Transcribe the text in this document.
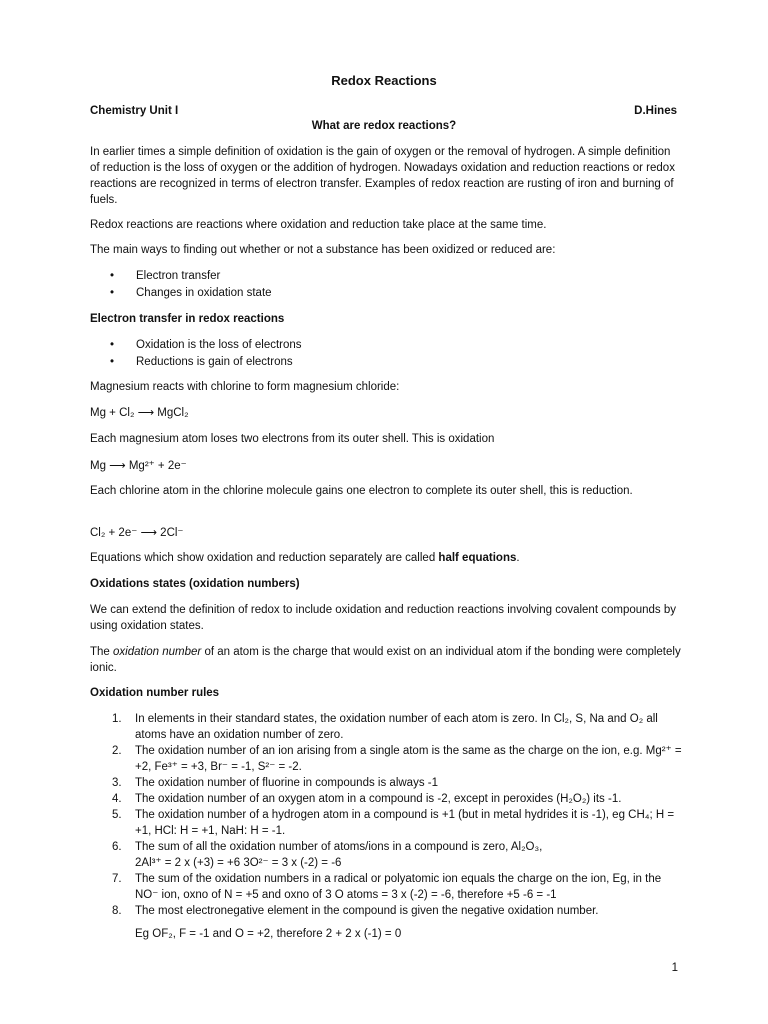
Redox Reactions
Chemistry Unit I	D.Hines
What are redox reactions?
In earlier times a simple definition of oxidation is the gain of oxygen or the removal of hydrogen. A simple definition of reduction is the loss of oxygen or the addition of hydrogen. Nowadays oxidation and reduction reactions or redox reactions are recognized in terms of electron transfer. Examples of redox reaction are rusting of iron and burning of fuels.
Redox reactions are reactions where oxidation and reduction take place at the same time.
The main ways to finding out whether or not a substance has been oxidized or reduced are:
• Electron transfer
• Changes in oxidation state
Electron transfer in redox reactions
• Oxidation is the loss of electrons
• Reductions is gain of electrons
Magnesium reacts with chlorine to form magnesium chloride:
Mg + Cl₂ ⟶ MgCl₂
Each magnesium atom loses two electrons from its outer shell. This is oxidation
Mg ⟶ Mg²⁺ + 2e⁻
Each chlorine atom in the chlorine molecule gains one electron to complete its outer shell, this is reduction.
Cl₂ + 2e⁻ ⟶ 2Cl⁻
Equations which show oxidation and reduction separately are called half equations.
Oxidations states (oxidation numbers)
We can extend the definition of redox to include oxidation and reduction reactions involving covalent compounds by using oxidation states.
The oxidation number of an atom is the charge that would exist on an individual atom if the bonding were completely ionic.
Oxidation number rules
1. In elements in their standard states, the oxidation number of each atom is zero. In Cl₂, S, Na and O₂ all atoms have an oxidation number of zero.
2. The oxidation number of an ion arising from a single atom is the same as the charge on the ion, e.g. Mg²⁺ = +2, Fe³⁺ = +3, Br⁻ = -1, S²⁻ = -2.
3. The oxidation number of fluorine in compounds is always -1
4. The oxidation number of an oxygen atom in a compound is -2, except in peroxides (H₂O₂) its -1.
5. The oxidation number of a hydrogen atom in a compound is +1 (but in metal hydrides it is -1), eg CH₄; H = +1, HCl: H = +1, NaH: H = -1.
6. The sum of all the oxidation number of atoms/ions in a compound is zero, Al₂O₃,
2Al³⁺ = 2 x (+3) = +6 3O²⁻ = 3 x (-2) = -6
7. The sum of the oxidation numbers in a radical or polyatomic ion equals the charge on the ion, Eg, in the NO⁻ ion, oxno of N = +5 and oxno of 3 O atoms = 3 x (-2) = -6, therefore +5 -6 = -1
8. The most electronegative element in the compound is given the negative oxidation number.
Eg OF₂, F = -1 and O = +2, therefore 2 + 2 x (-1) = 0
1
